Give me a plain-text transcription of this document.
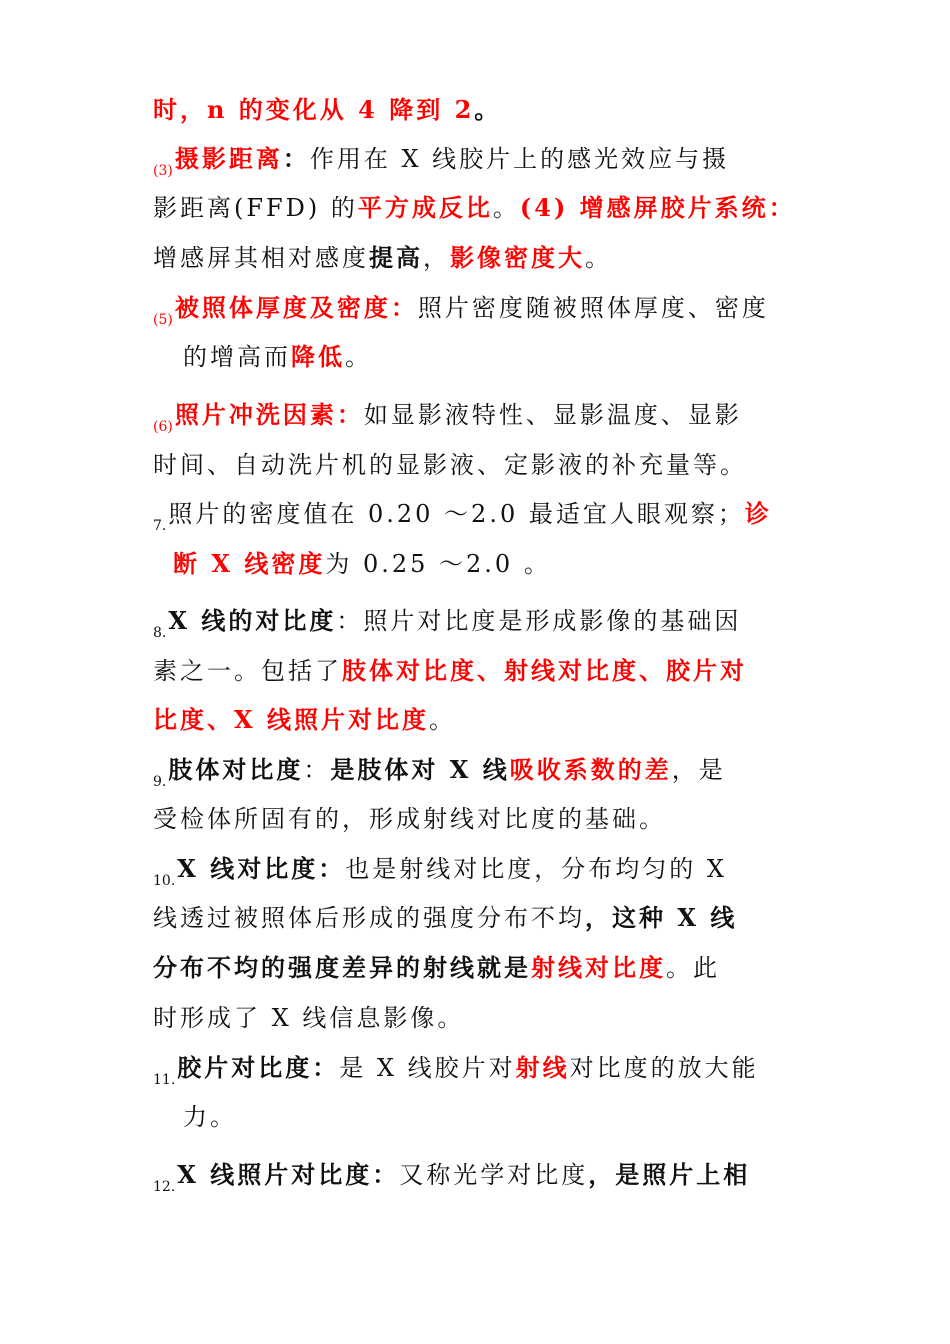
时，n 的变化从 4 降到 2。
$_{(3)}$摄影距离：作用在 X 线胶片上的感光效应与摄
影距离(FFD) 的平方成反比。(4) 增感屏胶片系统：
增感屏其相对感度提高，影像密度大。
$_{(5)}$被照体厚度及密度：照片密度随被照体厚度、密度
的增高而降低。
$_{(6)}$照片冲洗因素：如显影液特性、显影温度、显影
时间、自动洗片机的显影液、定影液的补充量等。
$_{7.}$照片的密度值在 0.20 ～2.0 最适宜人眼观察；诊
断 X 线密度为 0.25 ～2.0 。
$_{8.}$X 线的对比度：照片对比度是形成影像的基础因
素之一。包括了肢体对比度、射线对比度、胶片对
比度、X 线照片对比度。
$_{9.}$肢体对比度：是肢体对 X 线吸收系数的差，是
受检体所固有的，形成射线对比度的基础。
$_{10.}$X 线对比度：也是射线对比度，分布均匀的 X
线透过被照体后形成的强度分布不均，这种 X 线
分布不均的强度差异的射线就是射线对比度。此
时形成了 X 线信息影像。
$_{11.}$胶片对比度：是 X 线胶片对射线对比度的放大能
力。
$_{12.}$X 线照片对比度：又称光学对比度，是照片上相
